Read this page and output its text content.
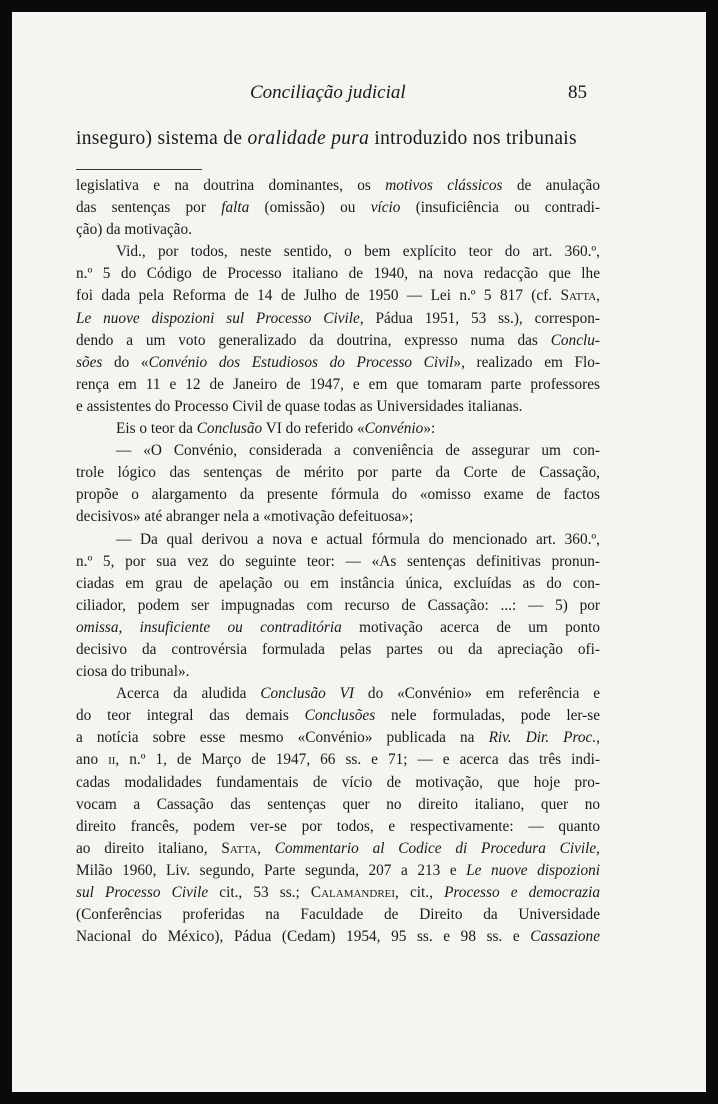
Conciliação judicial	85
inseguro) sistema de oralidade pura introduzido nos tribunais

legislativa e na doutrina dominantes, os motivos clássicos de anulação
das sentenças por falta (omissão) ou vício (insuficiência ou contradi-
ção) da motivação.

Vid., por todos, neste sentido, o bem explícito teor do art. 360.º,
n.º 5 do Código de Processo italiano de 1940, na nova redacção que lhe
foi dada pela Reforma de 14 de Julho de 1950 — Lei n.º 5 817 (cf. Satta,
Le nuove dispozioni sul Processo Civile, Pádua 1951, 53 ss.), correspon-
dendo a um voto generalizado da doutrina, expresso numa das Conclu-
sões do «Convénio dos Estudiosos do Processo Civil», realizado em Flo-
rença em 11 e 12 de Janeiro de 1947, e em que tomaram parte professores
e assistentes do Processo Civil de quase todas as Universidades italianas.

Eis o teor da Conclusão VI do referido «Convénio»:

— «O Convénio, considerada a conveniência de assegurar um con-
trole lógico das sentenças de mérito por parte da Corte de Cassação,
propõe o alargamento da presente fórmula do «omisso exame de factos
decisivos» até abranger nela a «motivação defeituosa»;

— Da qual derivou a nova e actual fórmula do mencionado art. 360.º,
n.º 5, por sua vez do seguinte teor: — «As sentenças definitivas pronun-
ciadas em grau de apelação ou em instância única, excluídas as do con-
ciliador, podem ser impugnadas com recurso de Cassação: ...: — 5) por
omissa, insuficiente ou contraditória motivação acerca de um ponto
decisivo da controvérsia formulada pelas partes ou da apreciação ofi-
ciosa do tribunal».

Acerca da aludida Conclusão VI do «Convénio» em referência e
do teor integral das demais Conclusões nele formuladas, pode ler-se
a notícia sobre esse mesmo «Convénio» publicada na Riv. Dir. Proc.,
ano ii, n.º 1, de Março de 1947, 66 ss. e 71; — e acerca das três indi-
cadas modalidades fundamentais de vício de motivação, que hoje pro-
vocam a Cassação das sentenças quer no direito italiano, quer no
direito francês, podem ver-se por todos, e respectivamente: — quanto
ao direito italiano, Satta, Commentario al Codice di Procedura Civile,
Milão 1960, Liv. segundo, Parte segunda, 207 a 213 e Le nuove dispozioni
sul Processo Civile cit., 53 ss.; Calamandrei, cit., Processo e democrazia
(Conferências proferidas na Faculdade de Direito da Universidade
Nacional do México), Pádua (Cedam) 1954, 95 ss. e 98 ss. e Cassazione
